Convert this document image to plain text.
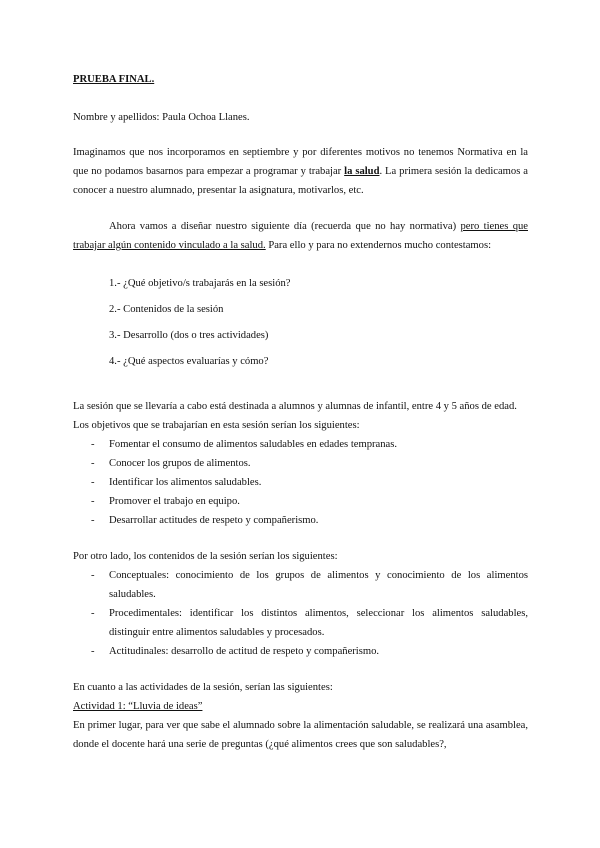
PRUEBA FINAL.

Nombre y apellidos: Paula Ochoa Llanes.

Imaginamos que nos incorporamos en septiembre y por diferentes motivos no tenemos Normativa en la que no podamos basarnos para empezar a programar y trabajar la salud. La primera sesión la dedicamos a conocer a nuestro alumnado, presentar la asignatura, motivarlos, etc.

Ahora vamos a diseñar nuestro siguiente día (recuerda que no hay normativa) pero tienes que trabajar algún contenido vinculado a la salud. Para ello y para no extendernos mucho contestamos:

1.- ¿Qué objetivo/s trabajarás en la sesión?

2.- Contenidos de la sesión

3.- Desarrollo (dos o tres actividades)

4.- ¿Qué aspectos evaluarías y cómo?

La sesión que se llevaría a cabo está destinada a alumnos y alumnas de infantil, entre 4 y 5 años de edad.

Los objetivos que se trabajarían en esta sesión serían los siguientes:

- Fomentar el consumo de alimentos saludables en edades tempranas.
- Conocer los grupos de alimentos.
- Identificar los alimentos saludables.
- Promover el trabajo en equipo.
- Desarrollar actitudes de respeto y compañerismo.

Por otro lado, los contenidos de la sesión serían los siguientes:

- Conceptuales: conocimiento de los grupos de alimentos y conocimiento de los alimentos saludables.
- Procedimentales: identificar los distintos alimentos, seleccionar los alimentos saludables, distinguir entre alimentos saludables y procesados.
- Actitudinales: desarrollo de actitud de respeto y compañerismo.

En cuanto a las actividades de la sesión, serían las siguientes:

Actividad 1: “Lluvia de ideas”

En primer lugar, para ver que sabe el alumnado sobre la alimentación saludable, se realizará una asamblea, donde el docente hará una serie de preguntas (¿qué alimentos crees que son saludables?,
